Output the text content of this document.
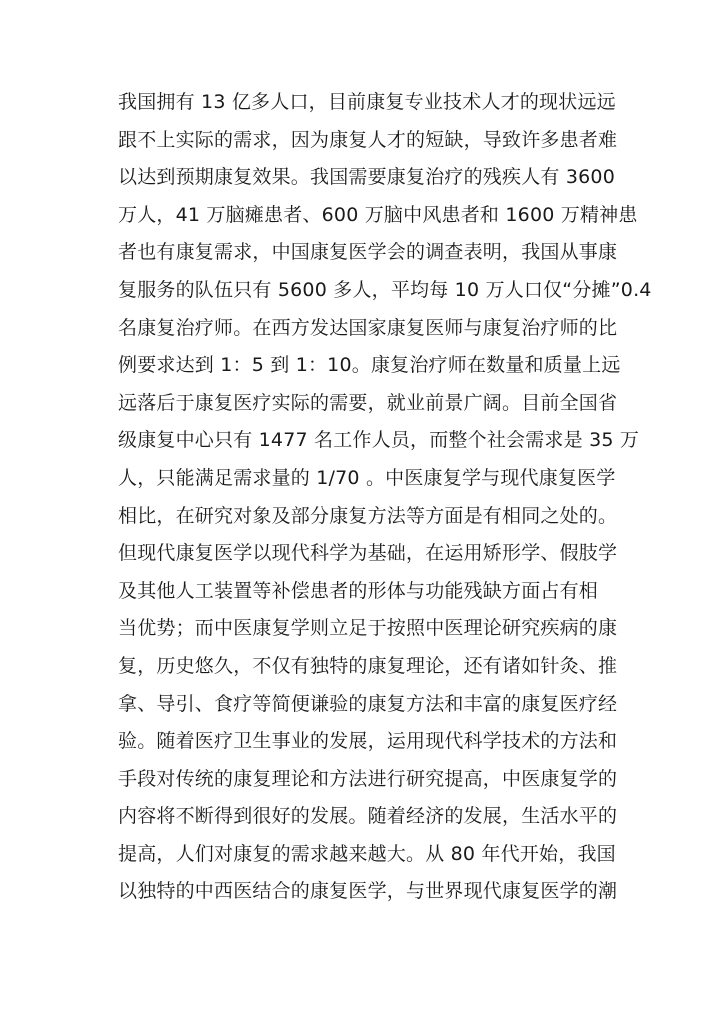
我国拥有 13 亿多人口，目前康复专业技术人才的现状远远
跟不上实际的需求，因为康复人才的短缺，导致许多患者难
以达到预期康复效果。我国需要康复治疗的残疾人有 3600
万人，41 万脑瘫患者、600 万脑中风患者和 1600 万精神患
者也有康复需求，中国康复医学会的调查表明，我国从事康
复服务的队伍只有 5600 多人，平均每 10 万人口仅“分摊”0.4
名康复治疗师。在西方发达国家康复医师与康复治疗师的比
例要求达到 1：5 到 1：10。康复治疗师在数量和质量上远
远落后于康复医疗实际的需要，就业前景广阔。目前全国省
级康复中心只有 1477 名工作人员，而整个社会需求是 35 万
人，只能满足需求量的 1/70 。中医康复学与现代康复医学
相比，在研究对象及部分康复方法等方面是有相同之处的。
但现代康复医学以现代科学为基础，在运用矫形学、假肢学
及其他人工装置等补偿患者的形体与功能残缺方面占有相
当优势；而中医康复学则立足于按照中医理论研究疾病的康
复，历史悠久，不仅有独特的康复理论，还有诸如针灸、推
拿、导引、食疗等简便谦验的康复方法和丰富的康复医疗经
验。随着医疗卫生事业的发展，运用现代科学技术的方法和
手段对传统的康复理论和方法进行研究提高，中医康复学的
内容将不断得到很好的发展。随着经济的发展，生活水平的
提高，人们对康复的需求越来越大。从 80 年代开始，我国
以独特的中西医结合的康复医学，与世界现代康复医学的潮
